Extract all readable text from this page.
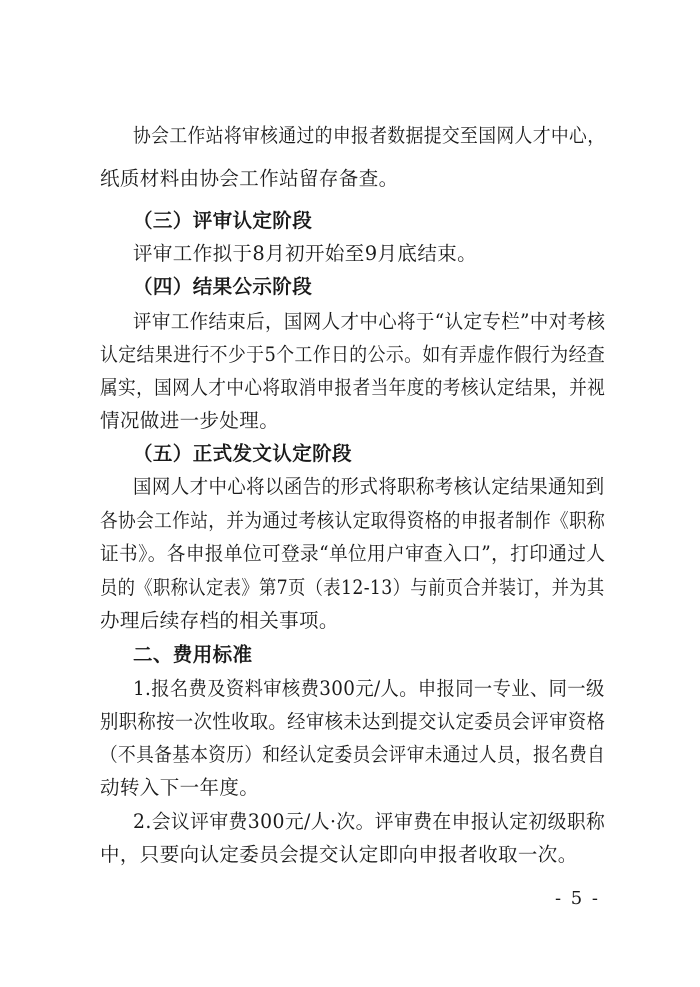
协会工作站将审核通过的申报者数据提交至国网人才中心，
纸质材料由协会工作站留存备查。
（三）评审认定阶段
评审工作拟于8月初开始至9月底结束。
（四）结果公示阶段
评审工作结束后，国网人才中心将于“认定专栏”中对考核
认定结果进行不少于5个工作日的公示。如有弄虚作假行为经查
属实，国网人才中心将取消申报者当年度的考核认定结果，并视
情况做进一步处理。
（五）正式发文认定阶段
国网人才中心将以函告的形式将职称考核认定结果通知到
各协会工作站，并为通过考核认定取得资格的申报者制作《职称
证书》。各申报单位可登录“单位用户审查入口”，打印通过人
员的《职称认定表》第7页（表12-13）与前页合并装订，并为其
办理后续存档的相关事项。
二、费用标准
1.报名费及资料审核费300元/人。申报同一专业、同一级
别职称按一次性收取。经审核未达到提交认定委员会评审资格
（不具备基本资历）和经认定委员会评审未通过人员，报名费自
动转入下一年度。
2.会议评审费300元/人·次。评审费在申报认定初级职称
中，只要向认定委员会提交认定即向申报者收取一次。
- 5 -
